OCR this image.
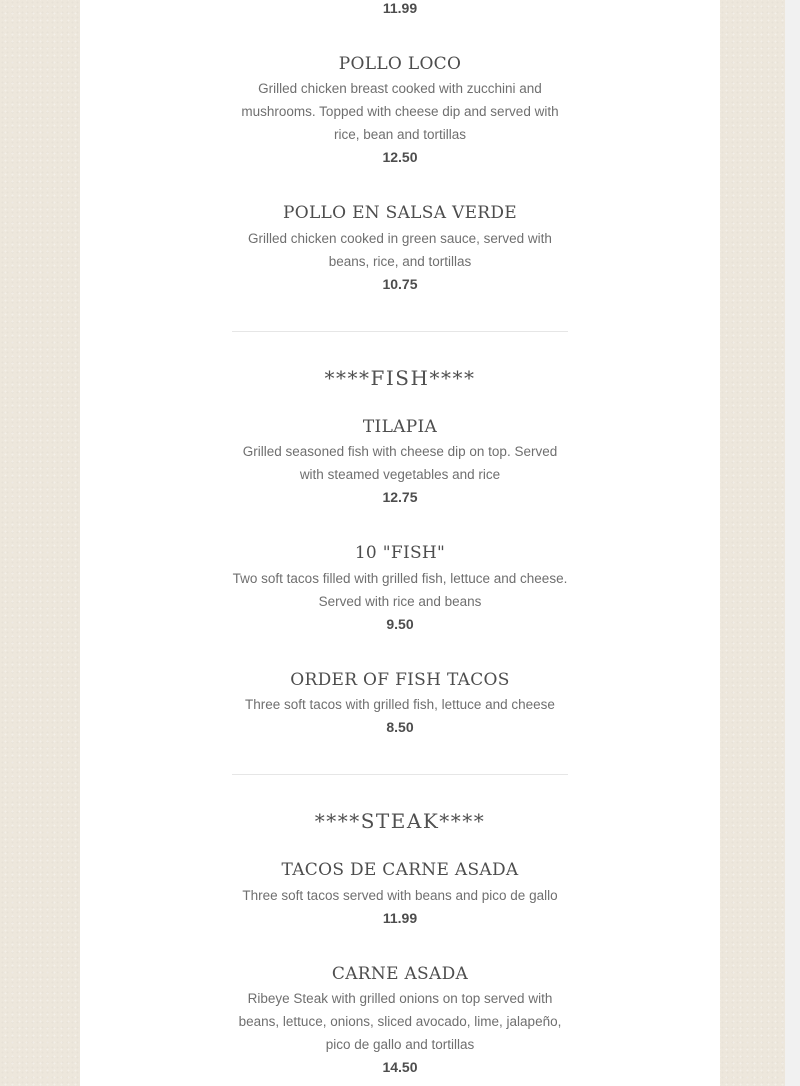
11.99
POLLO LOCO
Grilled chicken breast cooked with zucchini and mushrooms. Topped with cheese dip and served with rice, bean and tortillas
12.50
POLLO EN SALSA VERDE
Grilled chicken cooked in green sauce, served with beans, rice, and tortillas
10.75
****FISH****
TILAPIA
Grilled seasoned fish with cheese dip on top. Served with steamed vegetables and rice
12.75
10 "FISH"
Two soft tacos filled with grilled fish, lettuce and cheese. Served with rice and beans
9.50
ORDER OF FISH TACOS
Three soft tacos with grilled fish, lettuce and cheese
8.50
****STEAK****
TACOS DE CARNE ASADA
Three soft tacos served with beans and pico de gallo
11.99
CARNE ASADA
Ribeye Steak with grilled onions on top served with beans, lettuce, onions, sliced avocado, lime, jalapeño, pico de gallo and tortillas
14.50
